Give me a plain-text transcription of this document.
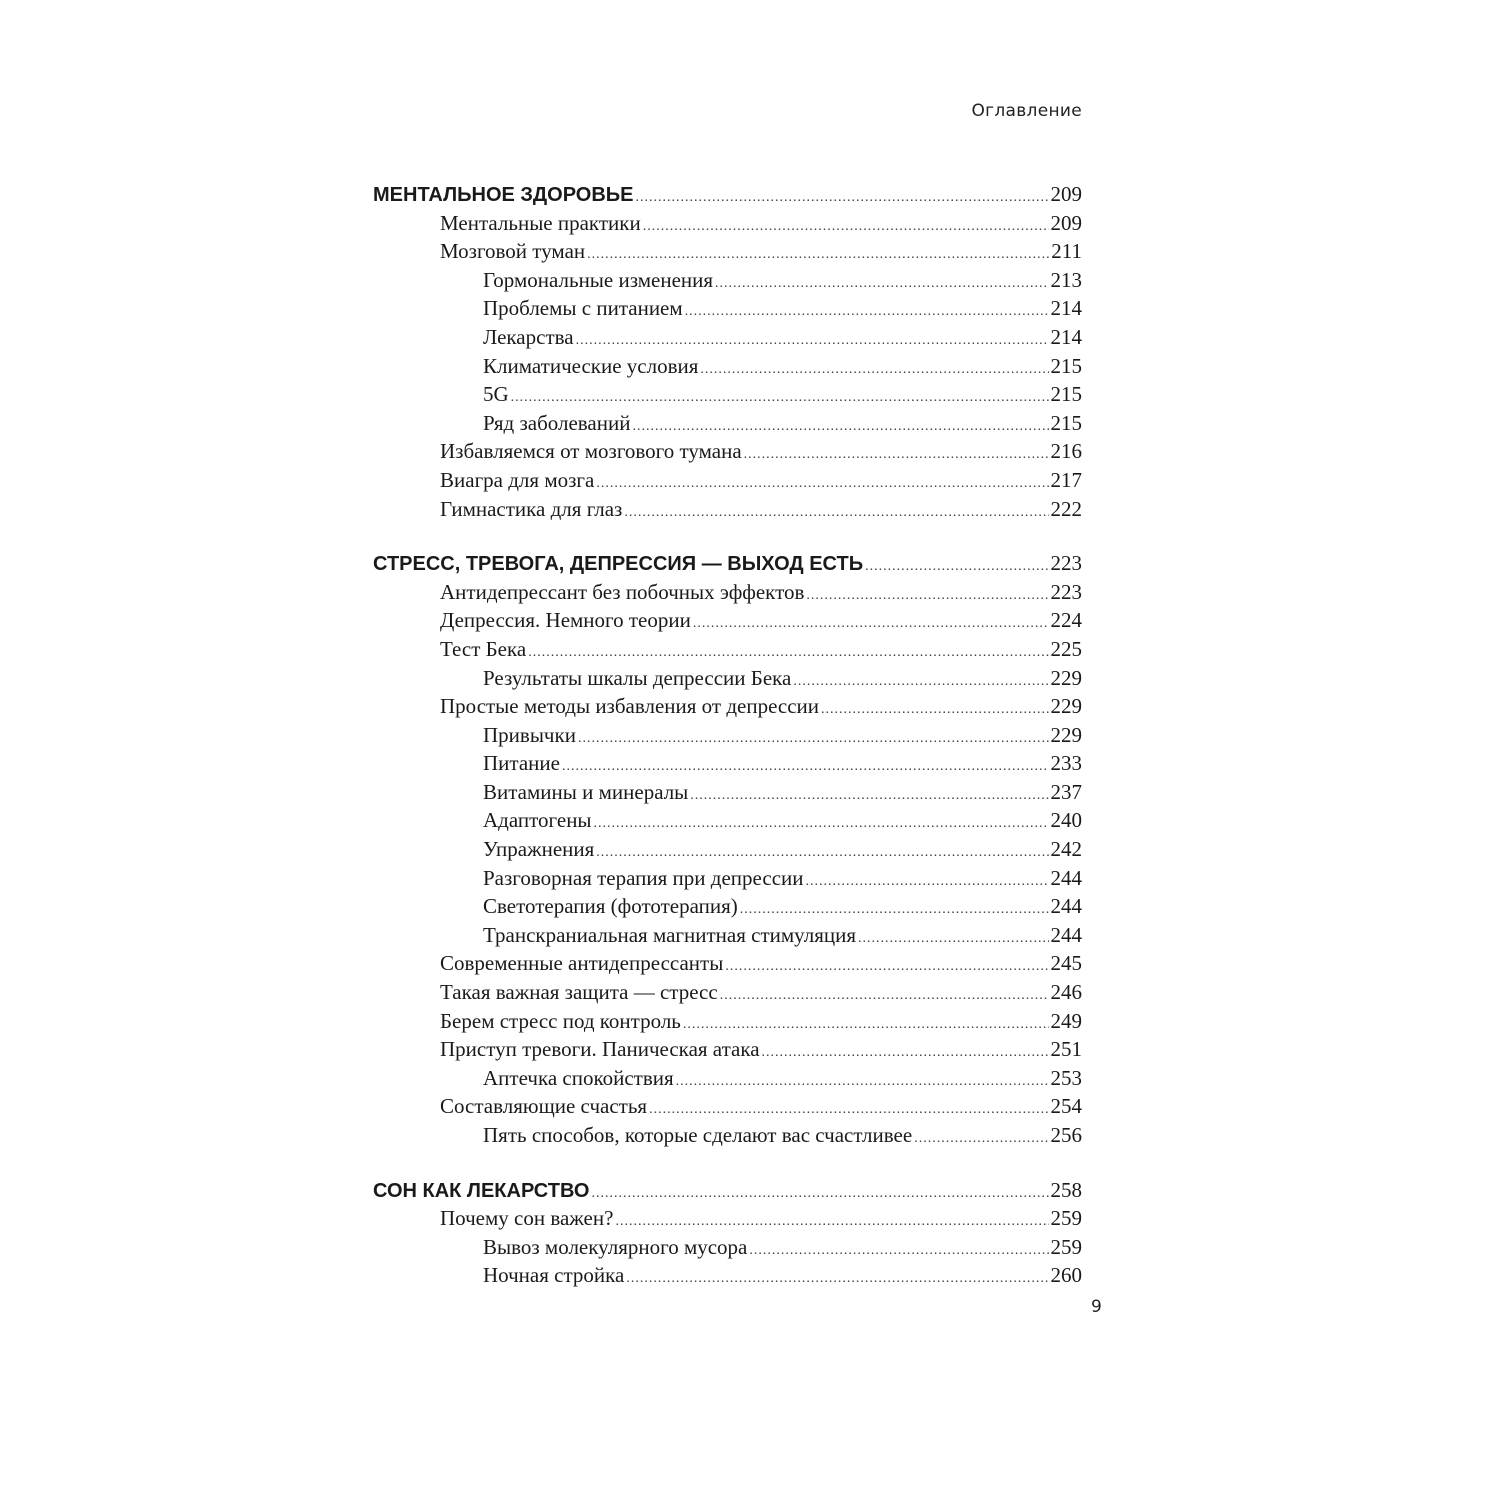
Оглавление
МЕНТАЛЬНОЕ ЗДОРОВЬЕ .....	209
Ментальные практики .....	209
Мозговой туман .....	211
Гормональные изменения .....	213
Проблемы с питанием .....	214
Лекарства .....	214
Климатические условия .....	215
5G .....	215
Ряд заболеваний .....	215
Избавляемся от мозгового тумана .....	216
Виагра для мозга .....	217
Гимнастика для глаз .....	222
СТРЕСС, ТРЕВОГА, ДЕПРЕССИЯ — ВЫХОД ЕСТЬ .....	223
Антидепрессант без побочных эффектов .....	223
Депрессия. Немного теории .....	224
Тест Бека .....	225
Результаты шкалы депрессии Бека .....	229
Простые методы избавления от депрессии .....	229
Привычки .....	229
Питание .....	233
Витамины и минералы .....	237
Адаптогены .....	240
Упражнения .....	242
Разговорная терапия при депрессии .....	244
Светотерапия (фототерапия) .....	244
Транскраниальная магнитная стимуляция .....	244
Современные антидепрессанты .....	245
Такая важная защита — стресс .....	246
Берем стресс под контроль .....	249
Приступ тревоги. Паническая атака .....	251
Аптечка спокойствия .....	253
Составляющие счастья .....	254
Пять способов, которые сделают вас счастливее .....	256
СОН КАК ЛЕКАРСТВО .....	258
Почему сон важен? .....	259
Вывоз молекулярного мусора .....	259
Ночная стройка .....	260
9
